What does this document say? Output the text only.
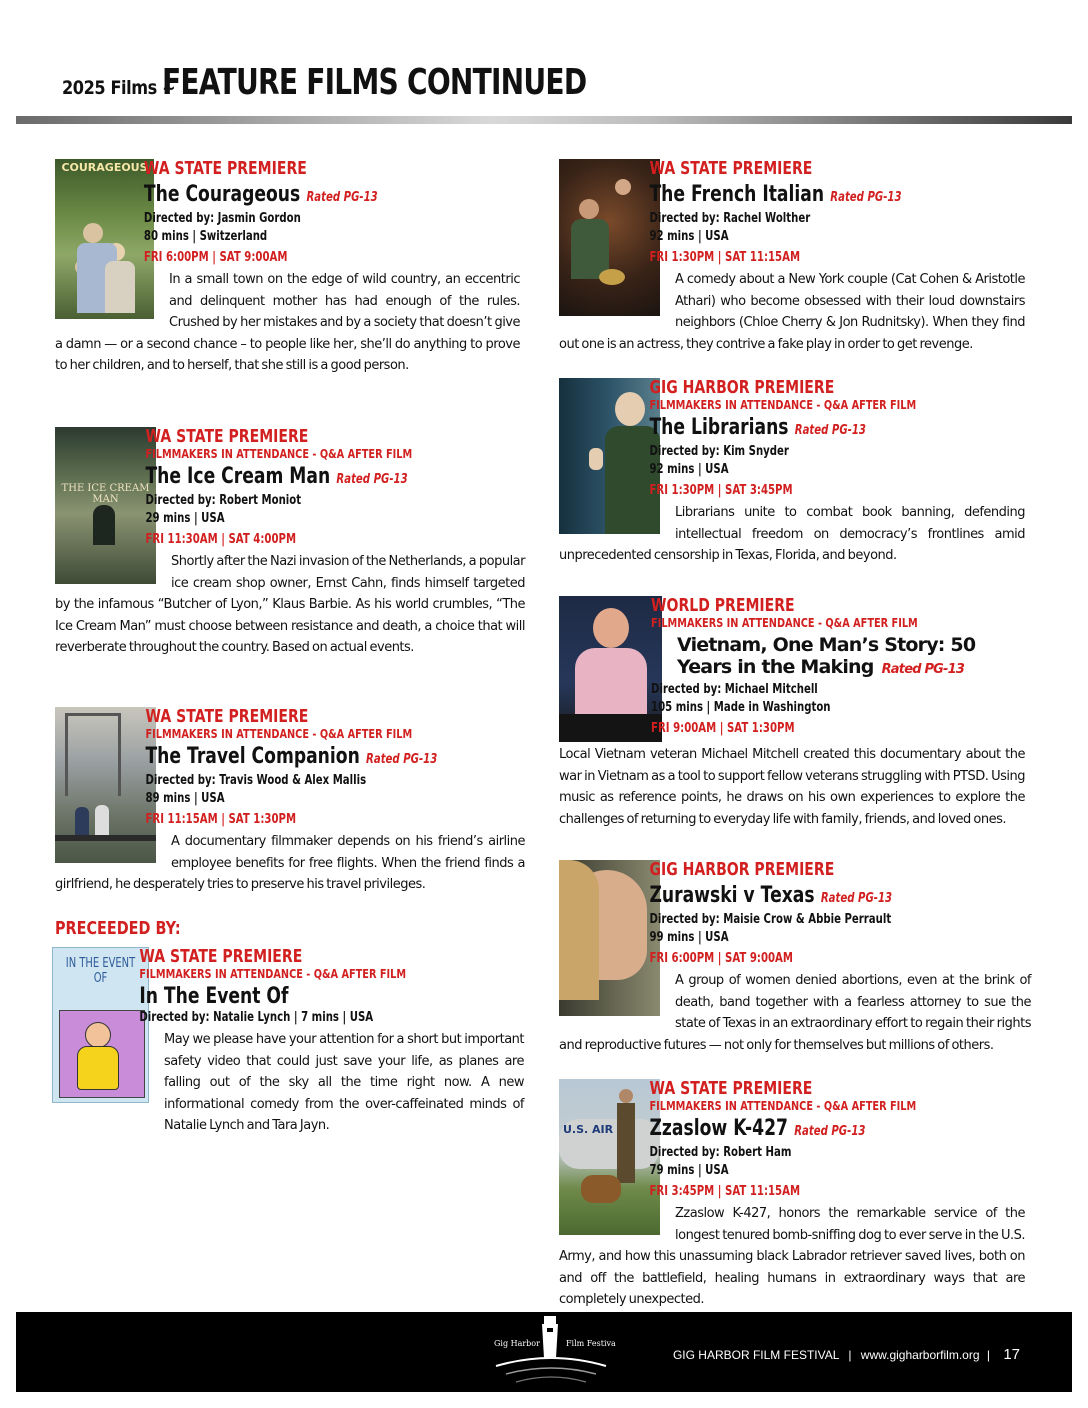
2025 Films ~
FEATURE FILMS CONTINUED
COURAGEOUS
WA STATE PREMIERE
The Courageous Rated PG-13
Directed by: Jasmin Gordon
80 mins | Switzerland
FRI 6:00PM | SAT 9:00AM
In a small town on the edge of wild country, an eccentric and delinquent mother has had enough of the rules. Crushed by her mistakes and by a society that doesn’t give a damn — or a second chance – to people like her, she’ll do anything to prove to her children, and to herself, that she still is a good person.
THE ICE CREAM MAN
WA STATE PREMIERE
FILMMAKERS IN ATTENDANCE - Q&A AFTER FILM
The Ice Cream Man Rated PG-13
Directed by: Robert Moniot
29 mins | USA
FRI 11:30AM | SAT 4:00PM
Shortly after the Nazi invasion of the Netherlands, a popular ice cream shop owner, Ernst Cahn, finds himself targeted by the infamous “Butcher of Lyon,” Klaus Barbie. As his world crumbles, “The Ice Cream Man” must choose between resistance and death, a choice that will reverberate throughout the country. Based on actual events.
WA STATE PREMIERE
FILMMAKERS IN ATTENDANCE - Q&A AFTER FILM
The Travel Companion Rated PG-13
Directed by: Travis Wood & Alex Mallis
89 mins | USA
FRI 11:15AM | SAT 1:30PM
A documentary filmmaker depends on his friend’s airline employee benefits for free flights. When the friend finds a girlfriend, he desperately tries to preserve his travel privileges.
PRECEEDED BY:
IN THE EVENT OF
WA STATE PREMIERE
FILMMAKERS IN ATTENDANCE - Q&A AFTER FILM
In The Event Of
Directed by: Natalie Lynch | 7 mins | USA
May we please have your attention for a short but important safety video that could just save your life, as planes are falling out of the sky all the time right now. A new informational comedy from the over-caffeinated minds of Natalie Lynch and Tara Jayn.
WA STATE PREMIERE
The French Italian Rated PG-13
Directed by: Rachel Wolther
92 mins | USA
FRI 1:30PM | SAT 11:15AM
A comedy about a New York couple (Cat Cohen & Aristotle Athari) who become obsessed with their loud downstairs neighbors (Chloe Cherry & Jon Rudnitsky). When they find out one is an actress, they contrive a fake play in order to get revenge.
GIG HARBOR PREMIERE
FILMMAKERS IN ATTENDANCE - Q&A AFTER FILM
The Librarians Rated PG-13
Directed by: Kim Snyder
92 mins | USA
FRI 1:30PM | SAT 3:45PM
Librarians unite to combat book banning, defending intellectual freedom on democracy’s frontlines amid unprecedented censorship in Texas, Florida, and beyond.
WORLD PREMIERE
FILMMAKERS IN ATTENDANCE - Q&A AFTER FILM
Vietnam, One Man’s Story: 50 Years in the Making Rated PG-13
Directed by: Michael Mitchell
105 mins | Made in Washington
FRI 9:00AM | SAT 1:30PM
Local Vietnam veteran Michael Mitchell created this documentary about the war in Vietnam as a tool to support fellow veterans struggling with PTSD. Using music as reference points, he draws on his own experiences to explore the challenges of returning to everyday life with family, friends, and loved ones.
GIG HARBOR PREMIERE
Zurawski v Texas Rated PG-13
Directed by: Maisie Crow & Abbie Perrault
99 mins | USA
FRI 6:00PM | SAT 9:00AM
A group of women denied abortions, even at the brink of death, band together with a fearless attorney to sue the state of Texas in an extraordinary effort to regain their rights and reproductive futures — not only for themselves but millions of others.
U.S. AIR
WA STATE PREMIERE
FILMMAKERS IN ATTENDANCE - Q&A AFTER FILM
Zzaslow K-427 Rated PG-13
Directed by: Robert Ham
79 mins | USA
FRI 3:45PM | SAT 11:15AM
Zzaslow K-427, honors the remarkable service of the longest tenured bomb-sniffing dog to ever serve in the U.S. Army, and how this unassuming black Labrador retriever saved lives, both on and off the battlefield, healing humans in extraordinary ways that are completely unexpected.
Gig Harbor	Film Festival
GIG HARBOR FILM FESTIVAL | www.gigharborfilm.org | 17
